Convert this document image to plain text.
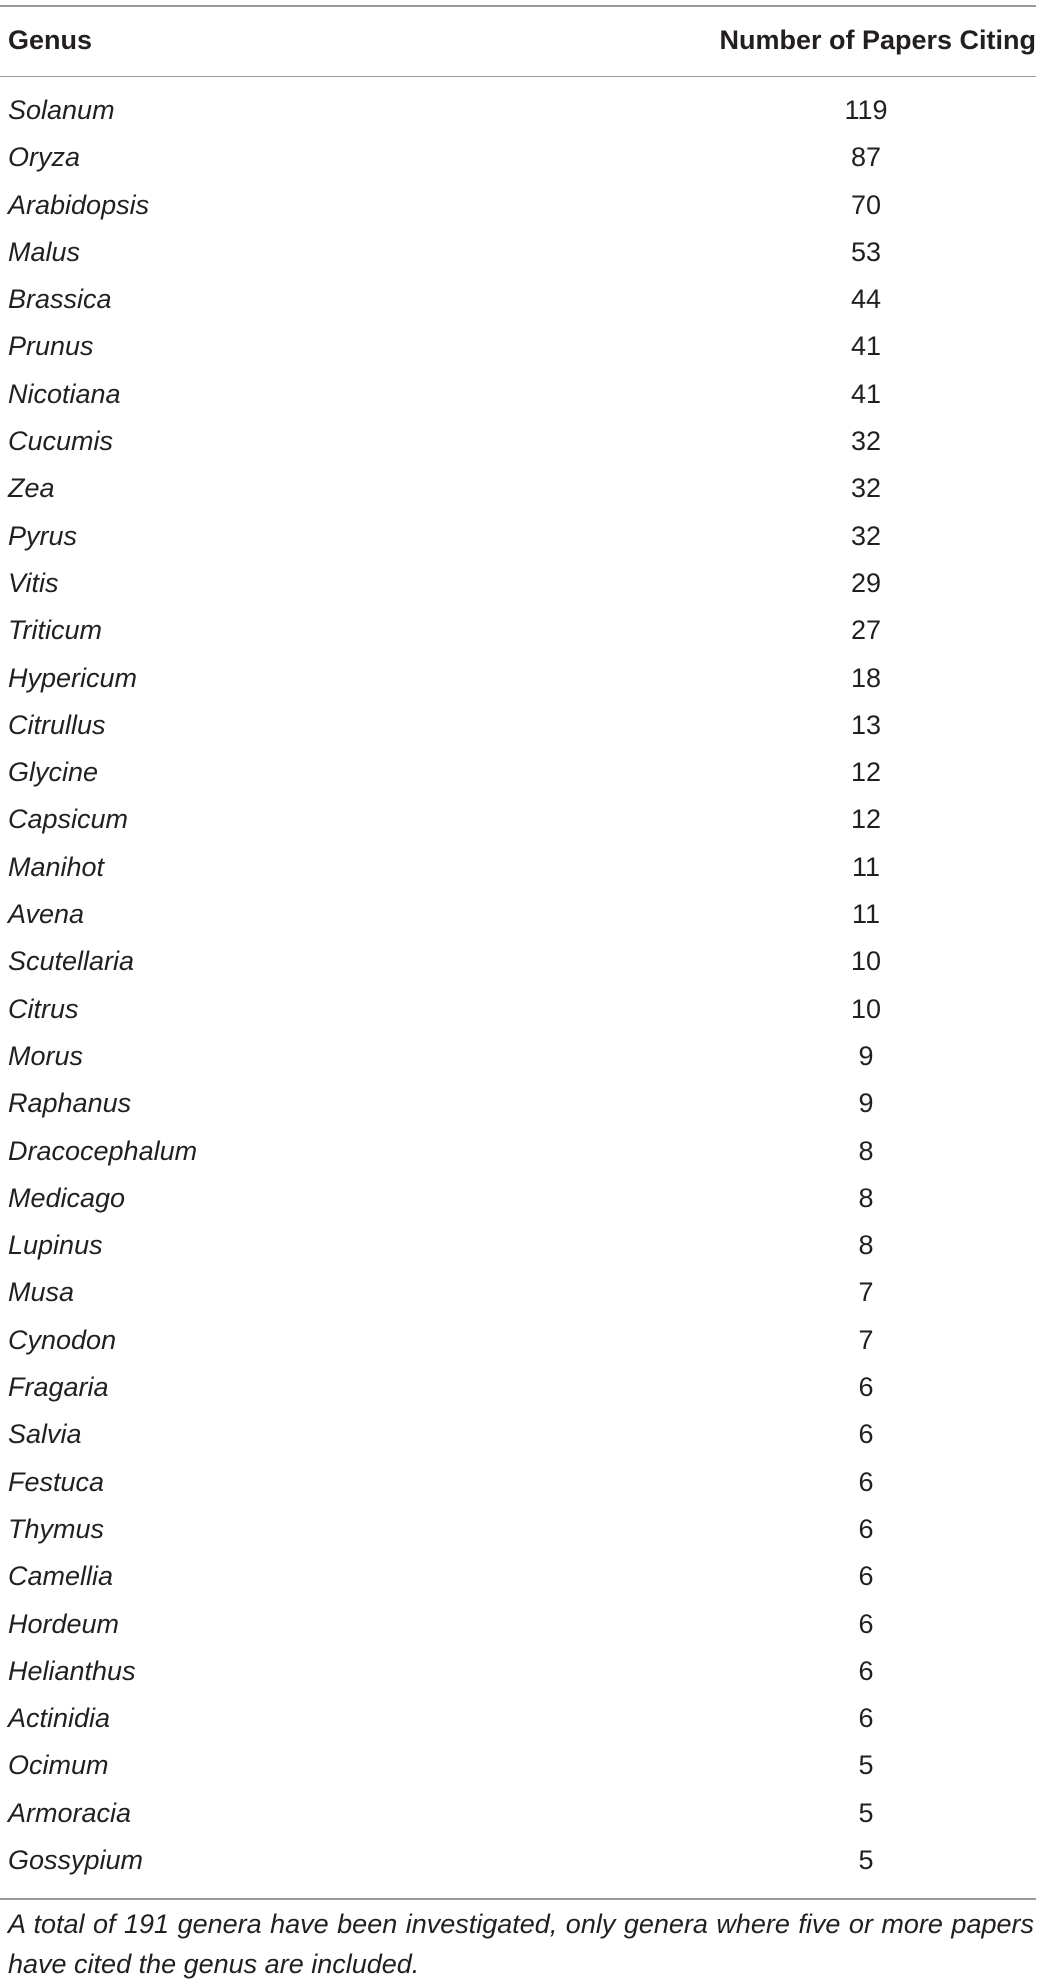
Genus	Number of Papers Citing
Solanum	119
Oryza	87
Arabidopsis	70
Malus	53
Brassica	44
Prunus	41
Nicotiana	41
Cucumis	32
Zea	32
Pyrus	32
Vitis	29
Triticum	27
Hypericum	18
Citrullus	13
Glycine	12
Capsicum	12
Manihot	11
Avena	11
Scutellaria	10
Citrus	10
Morus	9
Raphanus	9
Dracocephalum	8
Medicago	8
Lupinus	8
Musa	7
Cynodon	7
Fragaria	6
Salvia	6
Festuca	6
Thymus	6
Camellia	6
Hordeum	6
Helianthus	6
Actinidia	6
Ocimum	5
Armoracia	5
Gossypium	5
A total of 191 genera have been investigated, only genera where five or more papers have cited the genus are included.
